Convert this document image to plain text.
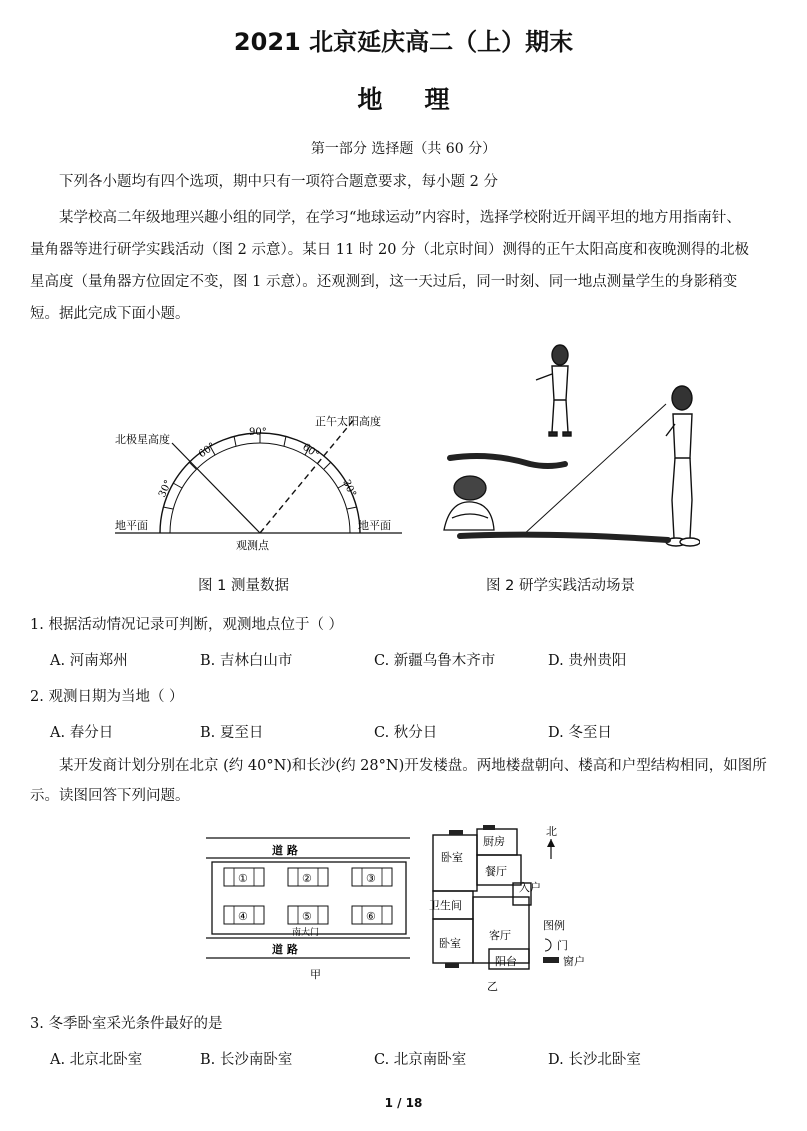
2021 北京延庆高二（上）期末
地理
第一部分 选择题（共 60 分）
下列各小题均有四个选项，期中只有一项符合题意要求，每小题 2 分
某学校高二年级地理兴趣小组的同学，在学习“地球运动”内容时，选择学校附近开阔平坦的地方用指南针、
量角器等进行研学实践活动（图 2 示意）。某日 11 时 20 分（北京时间）测得的正午太阳高度和夜晚测得的北极
星高度（量角器方位固定不变，图 1 示意）。还观测到，这一天过后，同一时刻、同一地点测量学生的身影稍变
短。据此完成下面小题。
北极星高度
正午太阳高度
90°
60°	60°
30°	30°
地平面	地平面
观测点
图 1 测量数据	图 2 研学实践活动场景
1. 根据活动情况记录可判断，观测地点位于（ ）
A. 河南郑州	B. 吉林白山市	C. 新疆乌鲁木齐市	D. 贵州贵阳
2. 观测日期为当地（ ）
A. 春分日	B. 夏至日	C. 秋分日	D. 冬至日
某开发商计划分别在北京 (约 40°N)和长沙(约 28°N)开发楼盘。两地楼盘朝向、楼高和户型结构相同，如图所
示。读图回答下列问题。
道 路
道 路
①	②	③
④	⑤	⑥
南大门
甲
卧室
厨房
餐厅
入户
卫生间
卧室
客厅
阳台
乙
北
图例
门
窗户
3. 冬季卧室采光条件最好的是
A. 北京北卧室	B. 长沙南卧室	C. 北京南卧室	D. 长沙北卧室
1 / 18
